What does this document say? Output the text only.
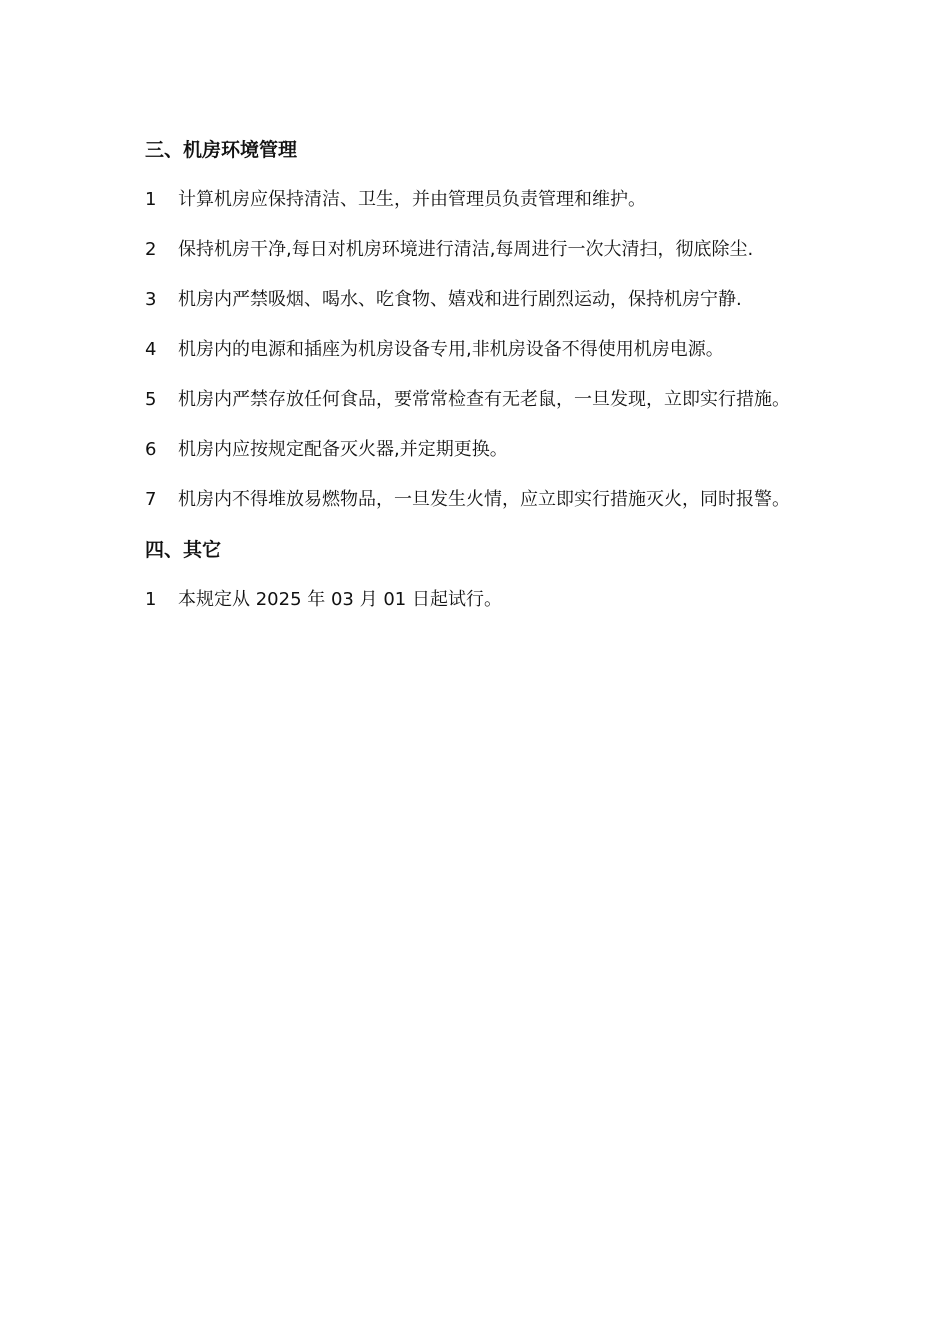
三、机房环境管理
1	计算机房应保持清洁、卫生，并由管理员负责管理和维护。
2	保持机房干净,每日对机房环境进行清洁,每周进行一次大清扫，彻底除尘.
3	机房内严禁吸烟、喝水、吃食物、嬉戏和进行剧烈运动，保持机房宁静.
4	机房内的电源和插座为机房设备专用,非机房设备不得使用机房电源。
5	机房内严禁存放任何食品，要常常检查有无老鼠，一旦发现，立即实行措施。
6	机房内应按规定配备灭火器,并定期更换。
7	机房内不得堆放易燃物品，一旦发生火情，应立即实行措施灭火，同时报警。
四、其它
1	本规定从 2025 年 03 月 01 日起试行。
